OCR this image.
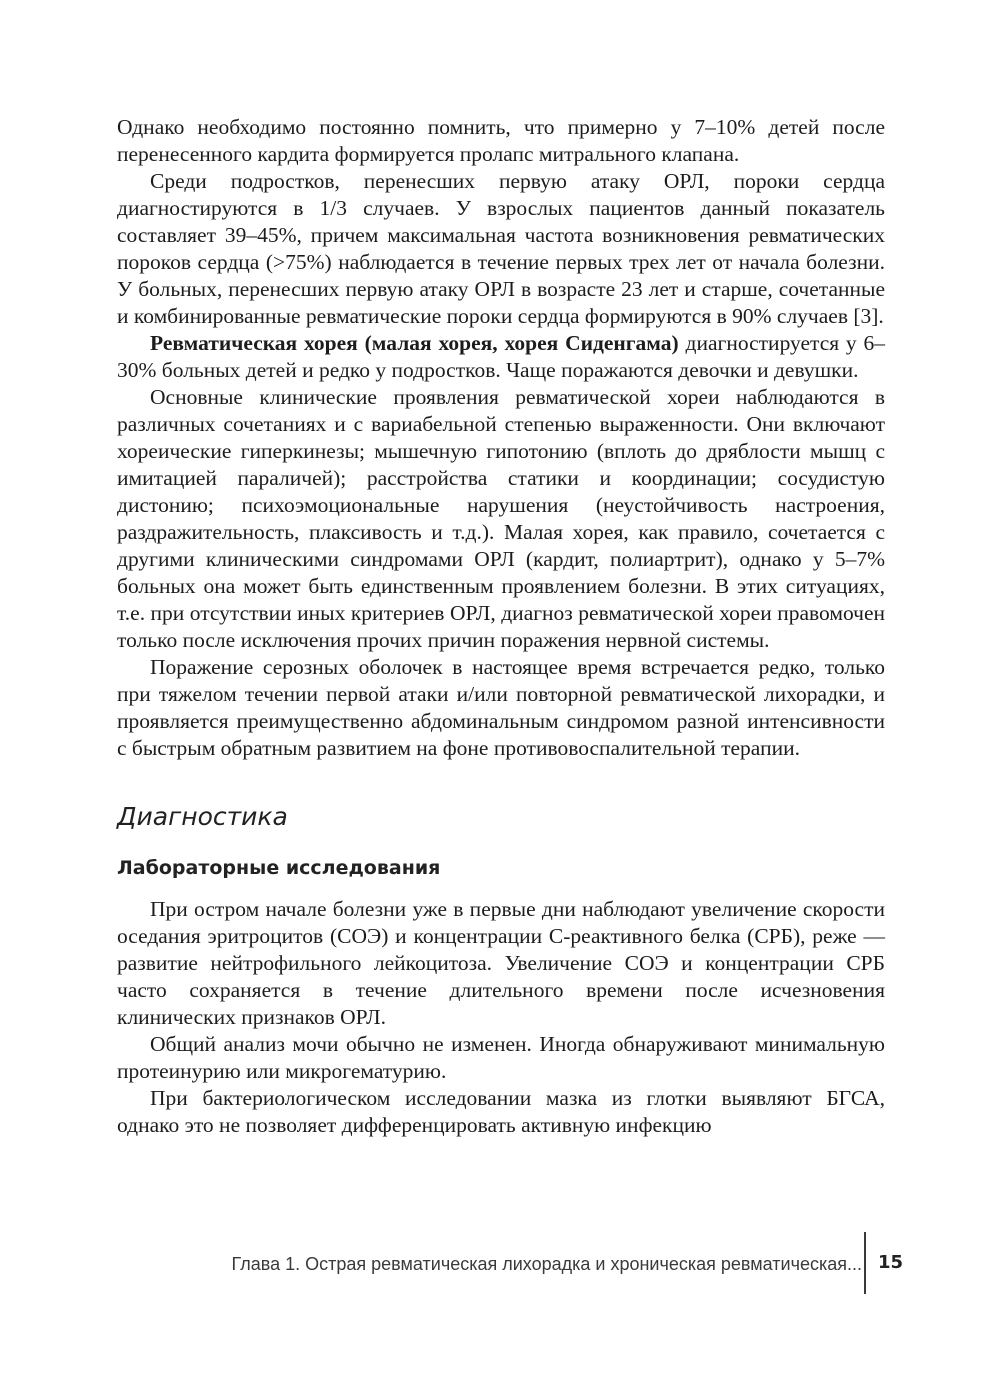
Однако необходимо постоянно помнить, что примерно у 7–10% детей после перенесенного кардита формируется пролапс митрального клапана.

Среди подростков, перенесших первую атаку ОРЛ, пороки сердца диагностируются в 1/3 случаев. У взрослых пациентов данный показатель составляет 39–45%, причем максимальная частота возникновения ревматических пороков сердца (>75%) наблюдается в течение первых трех лет от начала болезни. У больных, перенесших первую атаку ОРЛ в возрасте 23 лет и старше, сочетанные и комбинированные ревматические пороки сердца формируются в 90% случаев [3].

Ревматическая хорея (малая хорея, хорея Сиденгама) диагностируется у 6–30% больных детей и редко у подростков. Чаще поражаются девочки и девушки.

Основные клинические проявления ревматической хореи наблюдаются в различных сочетаниях и с вариабельной степенью выраженности. Они включают хореические гиперкинезы; мышечную гипотонию (вплоть до дряблости мышц с имитацией параличей); расстройства статики и координации; сосудистую дистонию; психоэмоциональные нарушения (неустойчивость настроения, раздражительность, плаксивость и т.д.). Малая хорея, как правило, сочетается с другими клиническими синдромами ОРЛ (кардит, полиартрит), однако у 5–7% больных она может быть единственным проявлением болезни. В этих ситуациях, т.е. при отсутствии иных критериев ОРЛ, диагноз ревматической хореи правомочен только после исключения прочих причин поражения нервной системы.

Поражение серозных оболочек в настоящее время встречается редко, только при тяжелом течении первой атаки и/или повторной ревматической лихорадки, и проявляется преимущественно абдоминальным синдромом разной интенсивности с быстрым обратным развитием на фоне противовоспалительной терапии.

Диагностика
Лабораторные исследования

При остром начале болезни уже в первые дни наблюдают увеличение скорости оседания эритроцитов (СОЭ) и концентрации С-реактивного белка (СРБ), реже — развитие нейтрофильного лейкоцитоза. Увеличение СОЭ и концентрации СРБ часто сохраняется в течение длительного времени после исчезновения клинических признаков ОРЛ.

Общий анализ мочи обычно не изменен. Иногда обнаруживают минимальную протеинурию или микрогематурию.

При бактериологическом исследовании мазка из глотки выявляют БГСА, однако это не позволяет дифференцировать активную инфекцию

Глава 1. Острая ревматическая лихорадка и хроническая ревматическая... 15
